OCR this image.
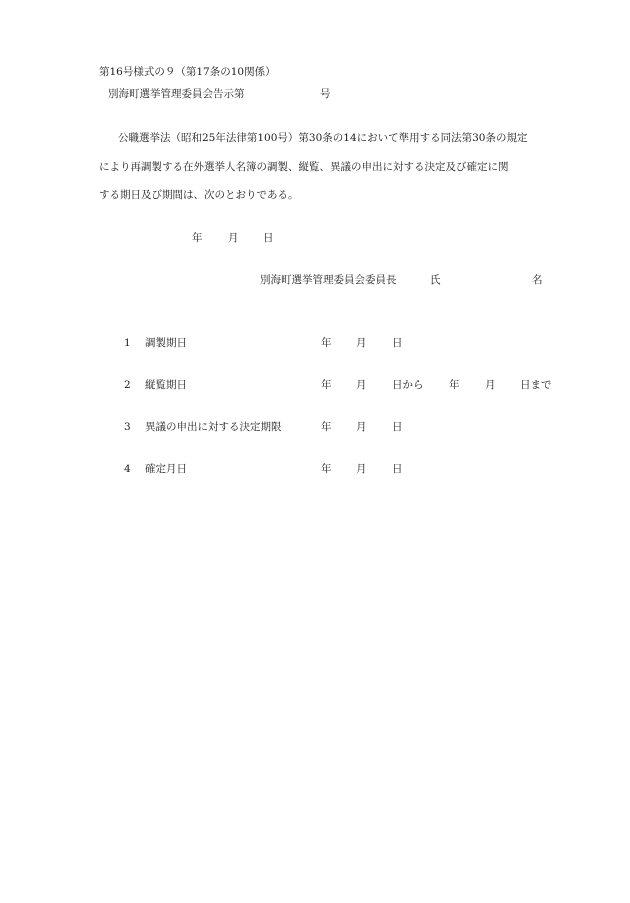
第16号様式の９（第17条の10関係）
別海町選挙管理委員会告示第	号
公職選挙法（昭和25年法律第100号）第30条の14において準用する同法第30条の規定
により再調製する在外選挙人名簿の調製、縦覧、異議の申出に対する決定及び確定に関
する期日及び期間は、次のとおりである。
年 月 日
別海町選挙管理委員会委員長	氏	名
1 調製期日	年 月 日
2 縦覧期日	年 月 日から 年 月 日まで
3 異議の申出に対する決定期限	年 月 日
4 確定月日	年 月 日
